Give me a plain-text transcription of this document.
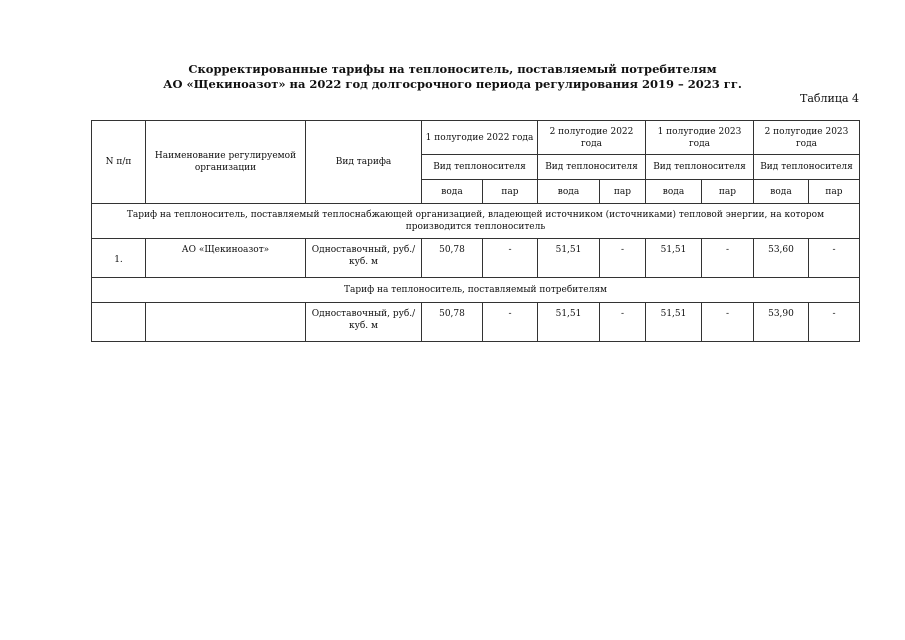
Скорректированные тарифы на теплоноситель, поставляемый потребителям
АО «Щекиноазот» на 2022 год долгосрочного периода регулирования 2019 – 2023 гг.
Таблица 4
N п/п	Наименование регулируемой организации	Вид тарифа	1 полугодие 2022 года		2 полугодие 2022 года		1 полугодие 2023 года		2 полугодие 2023 года	
			Вид теплоносителя		Вид теплоносителя		Вид теплоносителя		Вид теплоносителя	
			вода	пар	вода	пар	вода	пар	вода	пар
Тариф на теплоноситель, поставляемый теплоснабжающей организацией, владеющей источником (источниками) тепловой энергии, на котором производится теплоноситель										
1.	АО «Щекиноазот»	Одноставочный, руб./куб. м	50,78	-	51,51	-	51,51	-	53,60	-
Тариф на теплоноситель, поставляемый потребителям										
		Одноставочный, руб./куб. м	50,78	-	51,51	-	51,51	-	53,90	-
